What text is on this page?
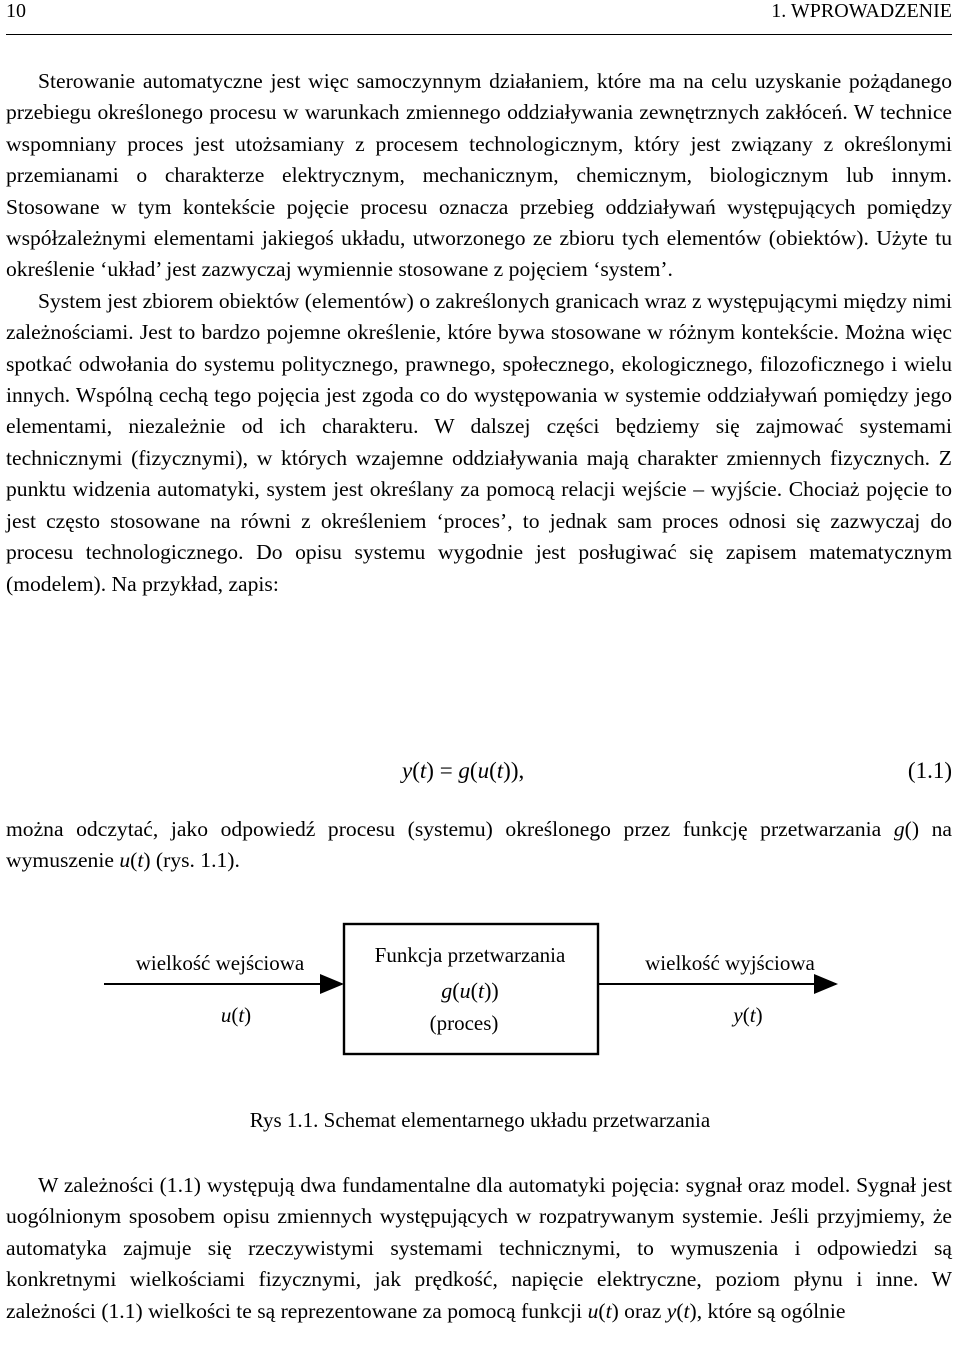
10	1. WPROWADZENIE

Sterowanie automatyczne jest więc samoczynnym działaniem, które ma na celu uzyskanie pożądanego przebiegu określonego procesu w warunkach zmiennego oddziaływania zewnętrznych zakłóceń. W technice wspomniany proces jest utożsamiany z procesem technologicznym, który jest związany z określonymi przemianami o charakterze elektrycznym, mechanicznym, chemicznym, biologicznym lub innym. Stosowane w tym kontekście pojęcie procesu oznacza przebieg oddziaływań występujących pomiędzy współzależnymi elementami jakiegoś układu, utworzonego ze zbioru tych elementów (obiektów). Użyte tu określenie ‘układ’ jest zazwyczaj wymiennie stosowane z pojęciem ‘system’.

System jest zbiorem obiektów (elementów) o zakreślonych granicach wraz z występującymi między nimi zależnościami. Jest to bardzo pojemne określenie, które bywa stosowane w różnym kontekście. Można więc spotkać odwołania do systemu politycznego, prawnego, społecznego, ekologicznego, filozoficznego i wielu innych. Wspólną cechą tego pojęcia jest zgoda co do występowania w systemie oddziaływań pomiędzy jego elementami, niezależnie od ich charakteru. W dalszej części będziemy się zajmować systemami technicznymi (fizycznymi), w których wzajemne oddziaływania mają charakter zmiennych fizycznych. Z punktu widzenia automatyki, system jest określany za pomocą relacji wejście – wyjście. Chociaż pojęcie to jest często stosowane na równi z określeniem ‘proces’, to jednak sam proces odnosi się zazwyczaj do procesu technologicznego. Do opisu systemu wygodnie jest posługiwać się zapisem matematycznym (modelem). Na przykład, zapis:

y(t) = g(u(t)),	(1.1)

można odczytać, jako odpowiedź procesu (systemu) określonego przez funkcję przetwarzania g() na wymuszenie u(t) (rys. 1.1).

wielkość wejściowa
u(t)
Funkcja przetwarzania
g(u(t))
(proces)
wielkość wyjściowa
y(t)
Rys 1.1. Schemat elementarnego układu przetwarzania

W zależności (1.1) występują dwa fundamentalne dla automatyki pojęcia: sygnał oraz model. Sygnał jest uogólnionym sposobem opisu zmiennych występujących w rozpatrywanym systemie. Jeśli przyjmiemy, że automatyka zajmuje się rzeczywistymi systemami technicznymi, to wymuszenia i odpowiedzi są konkretnymi wielkościami fizycznymi, jak prędkość, napięcie elektryczne, poziom płynu i inne. W zależności (1.1) wielkości te są reprezentowane za pomocą funkcji u(t) oraz y(t), które są ogólnie
